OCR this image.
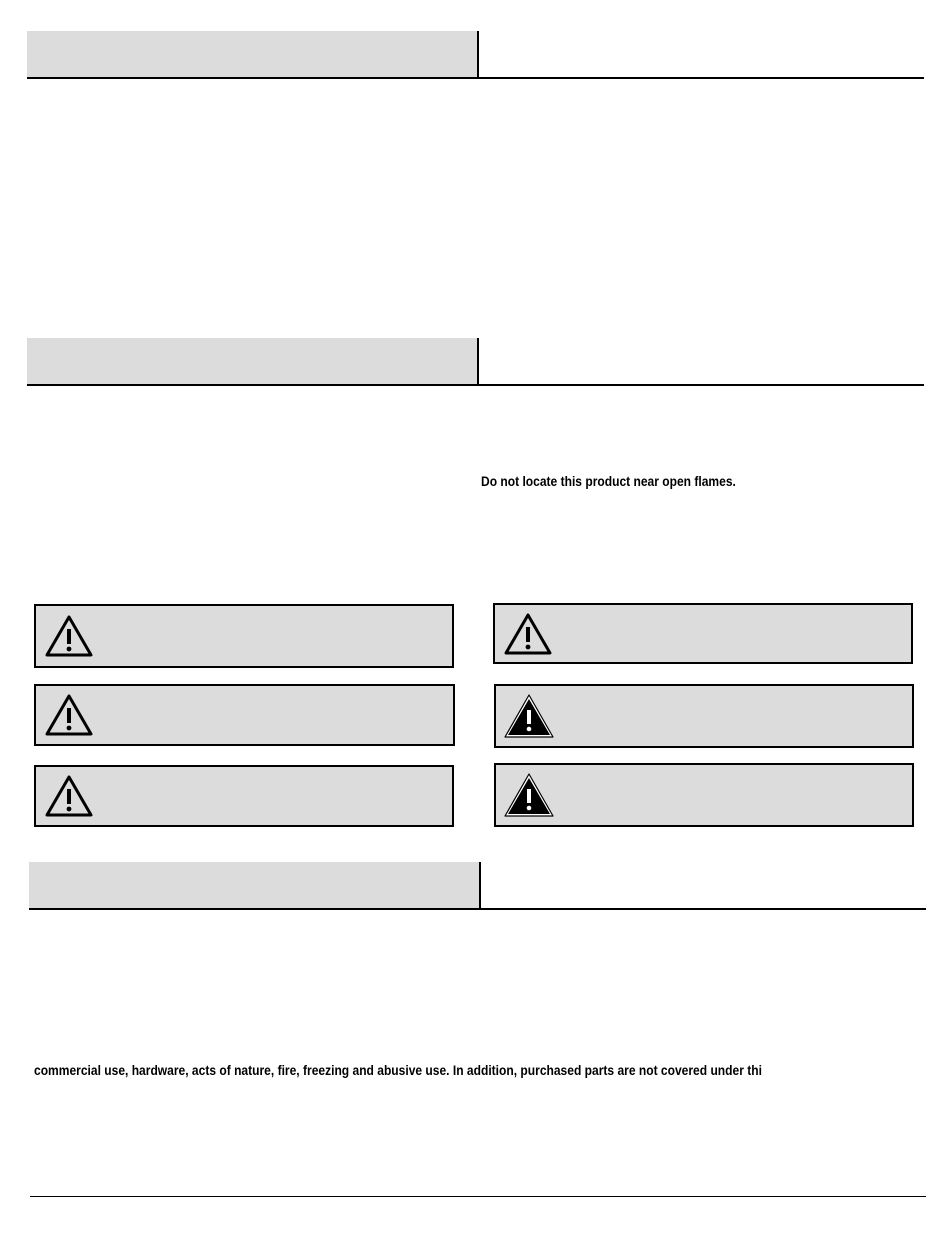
Do not locate this product near open flames.
commercial use, hardware, acts of nature, fire, freezing and abusive use. In addition, purchased parts are not covered under thi
